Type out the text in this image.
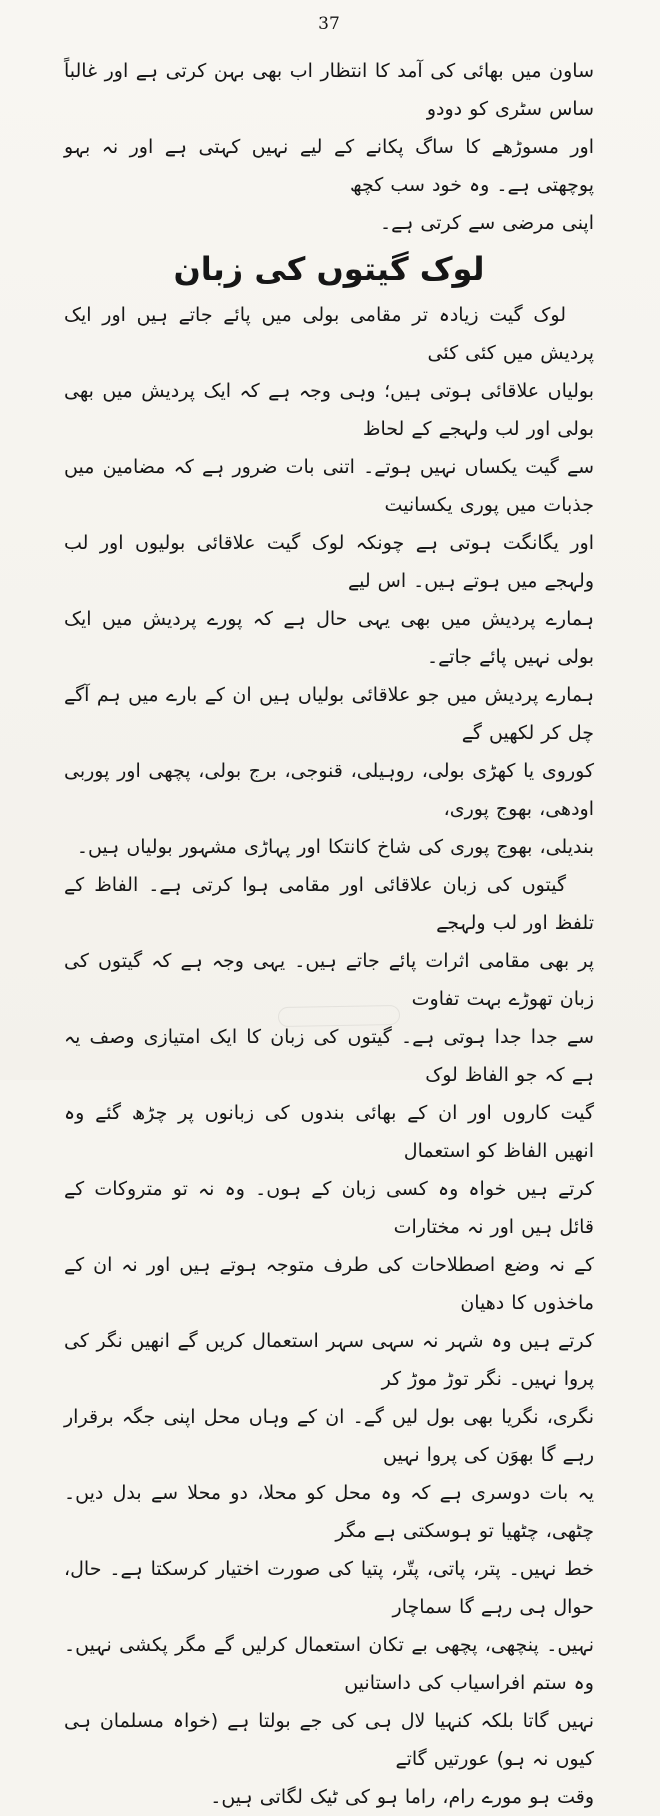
37
ساون میں بھائی کی آمد کا انتظار اب بھی بہن کرتی ہے اور غالباً ساس سٹری کو دودو
اور مسوڑھے کا ساگ پکانے کے لیے نہیں کہتی ہے اور نہ بہو پوچھتی ہے۔ وہ خود سب کچھ
اپنی مرضی سے کرتی ہے۔
لوک گیتوں کی زبان
لوک گیت زیادہ تر مقامی بولی میں پائے جاتے ہیں اور ایک پردیش میں کئی کئی
بولیاں علاقائی ہوتی ہیں؛ وہی وجہ ہے کہ ایک پردیش میں بھی بولی اور لب ولہجے کے لحاظ
سے گیت یکساں نہیں ہوتے۔ اتنی بات ضرور ہے کہ مضامین میں جذبات میں پوری یکسانیت
اور یگانگت ہوتی ہے چونکہ لوک گیت علاقائی بولیوں اور لب ولہجے میں ہوتے ہیں۔ اس لیے
ہمارے پردیش میں بھی یہی حال ہے کہ پورے پردیش میں ایک بولی نہیں پائے جاتے۔
ہمارے پردیش میں جو علاقائی بولیاں ہیں ان کے بارے میں ہم آگے چل کر لکھیں گے
کوروی یا کھڑی بولی، روہیلی، قنوجی، برج بولی، پچھی اور پوربی اودھی، بھوج پوری،
بندیلی، بھوج پوری کی شاخ کانتکا اور پہاڑی مشہور بولیاں ہیں۔
گیتوں کی زبان علاقائی اور مقامی ہوا کرتی ہے۔ الفاظ کے تلفظ اور لب ولہجے
پر بھی مقامی اثرات پائے جاتے ہیں۔ یہی وجہ ہے کہ گیتوں کی زبان تھوڑے بہت تفاوت
سے جدا جدا ہوتی ہے۔ گیتوں کی زبان کا ایک امتیازی وصف یہ ہے کہ جو الفاظ لوک
گیت کاروں اور ان کے بھائی بندوں کی زبانوں پر چڑھ گئے وہ انھیں الفاظ کو استعمال
کرتے ہیں خواہ وہ کسی زبان کے ہوں۔ وہ نہ تو متروکات کے قائل ہیں اور نہ مختارات
کے نہ وضع اصطلاحات کی طرف متوجہ ہوتے ہیں اور نہ ان کے ماخذوں کا دھیان
کرتے ہیں وہ شہر نہ سہی سہر استعمال کریں گے انھیں نگر کی پروا نہیں۔ نگر توڑ موڑ کر
نگری، نگریا بھی بول لیں گے۔ ان کے وہاں محل اپنی جگہ برقرار رہے گا بھوَن کی پروا نہیں
یہ بات دوسری ہے کہ وہ محل کو محلا، دو محلا سے بدل دیں۔ چٹھی، چٹھیا تو ہوسکتی ہے مگر
خط نہیں۔ پتر، پاتی، پتّر، پتیا کی صورت اختیار کرسکتا ہے۔ حال، حوال ہی رہے گا سماچار
نہیں۔ پنچھی، پچھی بے تکان استعمال کرلیں گے مگر پکشی نہیں۔ وہ ستم افراسیاب کی داستانیں
نہیں گاتا بلکہ کنہیا لال ہی کی جے بولتا ہے (خواہ مسلمان ہی کیوں نہ ہو) عورتیں گاتے
وقت ہو مورے رام، راما ہو کی ٹیک لگاتی ہیں۔
